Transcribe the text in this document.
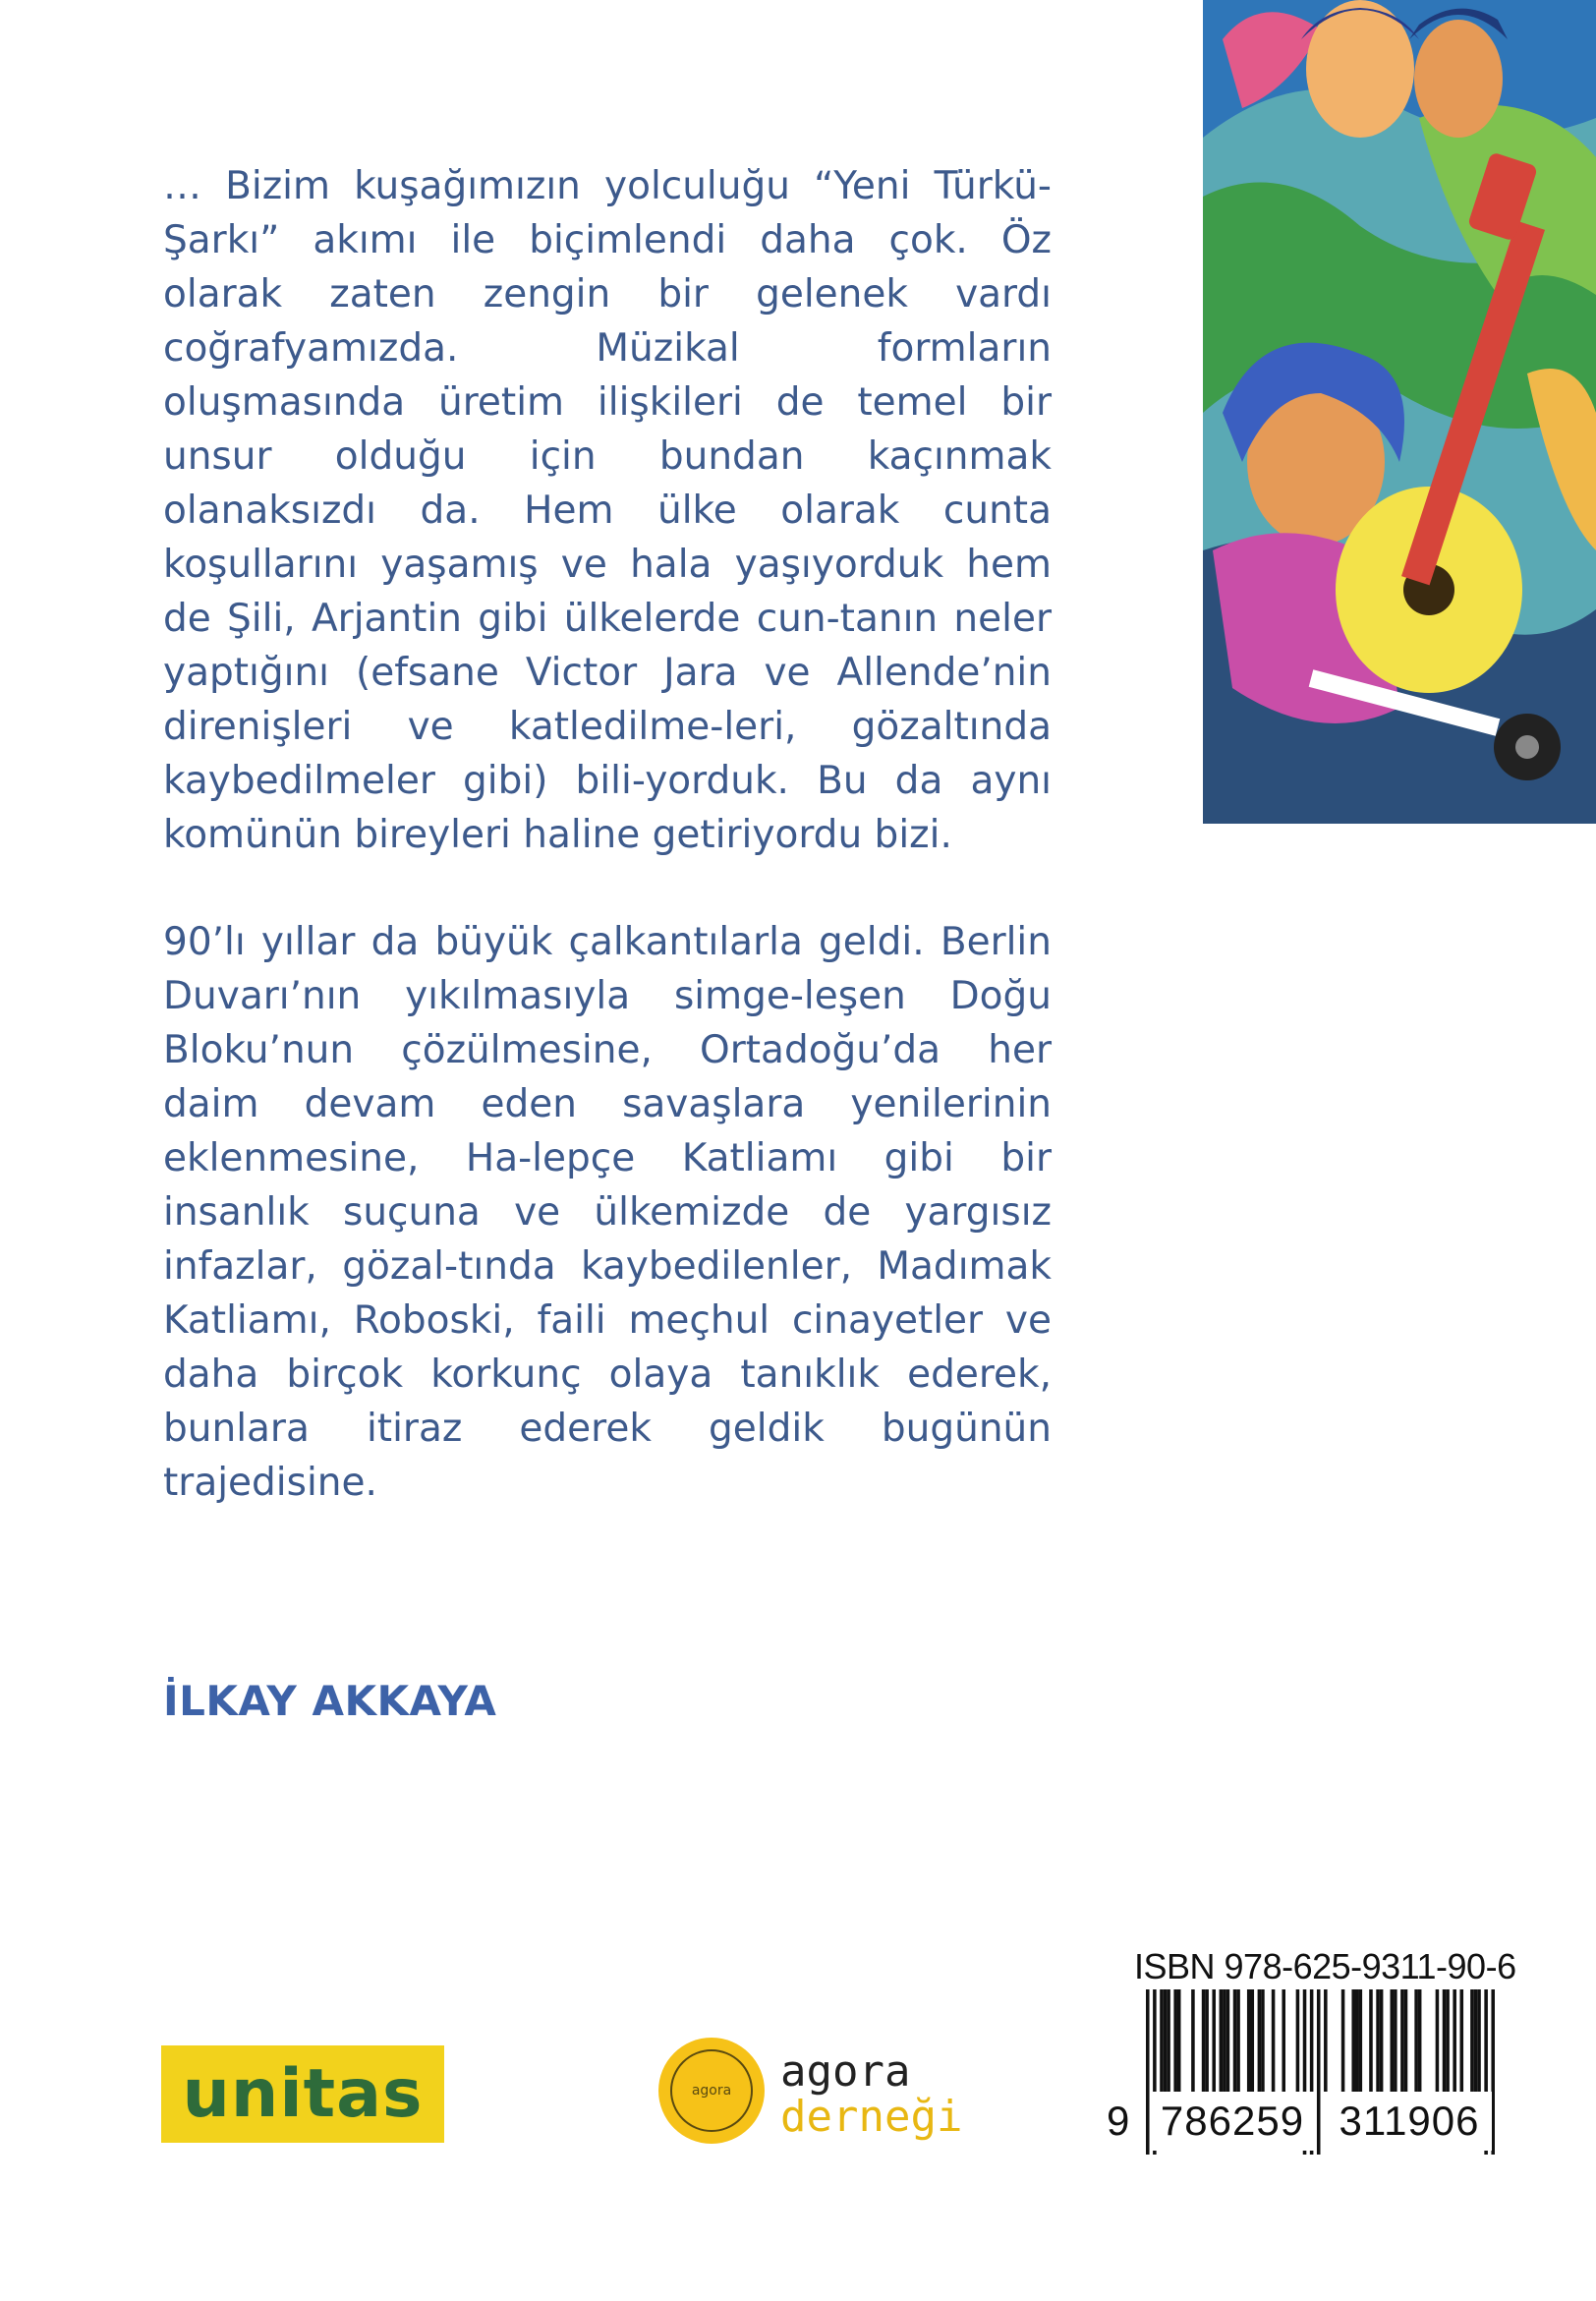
… Bizim kuşağımızın yolculuğu “Yeni Türkü-Şarkı” akımı ile biçimlendi daha çok. Öz olarak zaten zengin bir gelenek vardı coğrafyamızda. Müzikal formların oluşmasında üretim ilişkileri de temel bir unsur olduğu için bundan kaçınmak olanaksızdı da. Hem ülke olarak cunta koşullarını yaşamış ve hala yaşıyorduk hem de Şili, Arjantin gibi ülkelerde cun-tanın neler yaptığını (efsane Victor Jara ve Allende’nin direnişleri ve katledilme-leri, gözaltında kaybedilmeler gibi) bili-yorduk. Bu da aynı komünün bireyleri haline getiriyordu bizi.

90’lı yıllar da büyük çalkantılarla geldi. Berlin Duvarı’nın yıkılmasıyla simge-leşen Doğu Bloku’nun çözülmesine, Ortadoğu’da her daim devam eden savaşlara yenilerinin eklenmesine, Ha-lepçe Katliamı gibi bir insanlık suçuna ve ülkemizde de yargısız infazlar, gözal-tında kaybedilenler, Madımak Katliamı, Roboski, faili meçhul cinayetler ve daha birçok korkunç olaya tanıklık ederek, bunlara itiraz ederek geldik bugünün trajedisine.

İLKAY AKKAYA
unitas	agora	agora
derneği
ISBN 978-625-9311-90-6
9 786259 311906
